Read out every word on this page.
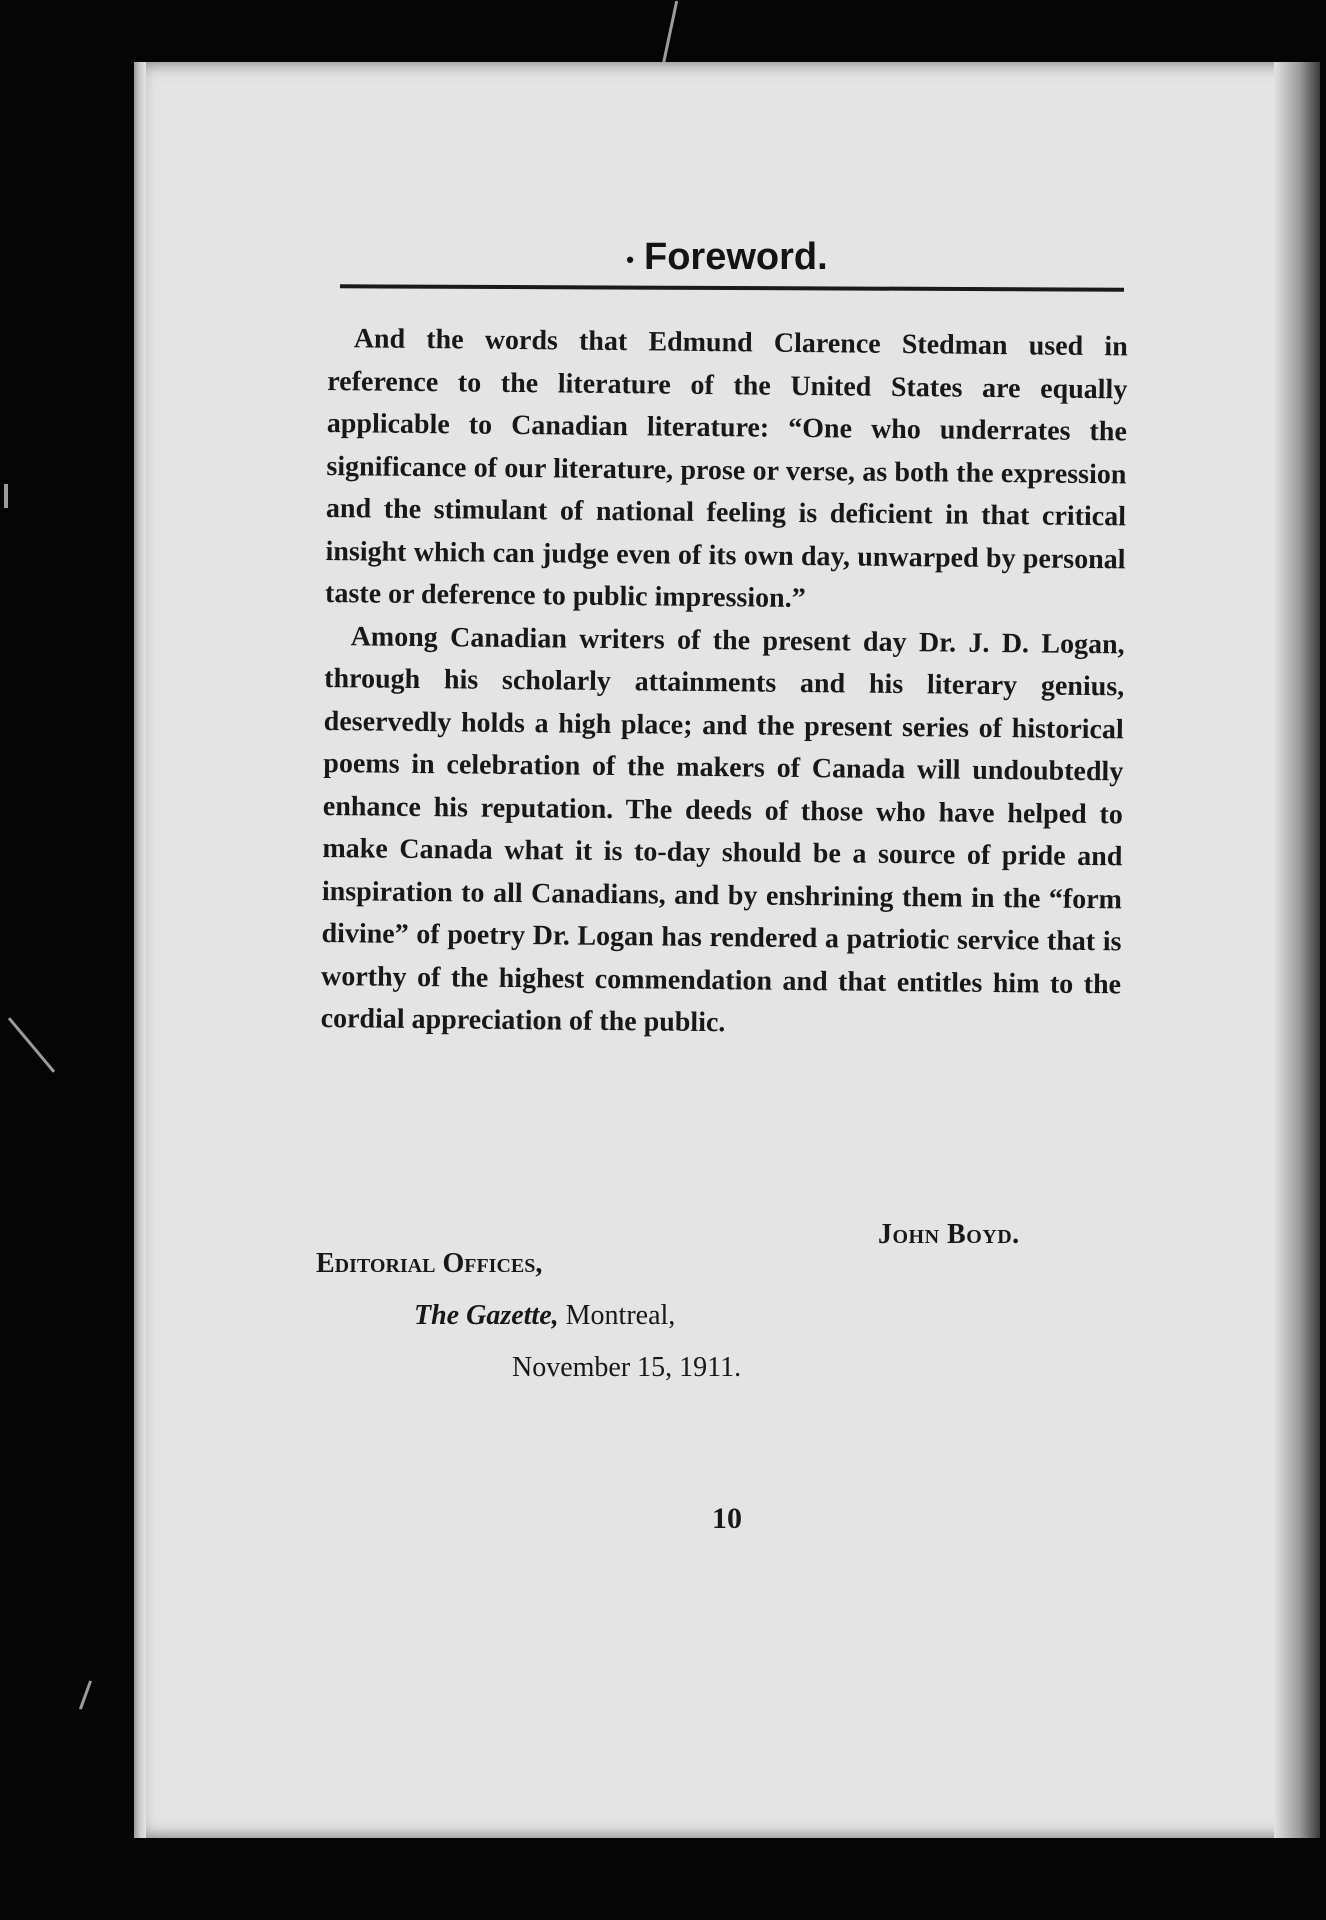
• Foreword.

And the words that Edmund Clarence Stedman used in reference to the literature of the United States are equally applicable to Canadian literature: “One who underrates the significance of our literature, prose or verse, as both the expression and the stimulant of national feeling is deficient in that critical insight which can judge even of its own day, unwarped by personal taste or deference to public impression.”

Among Canadian writers of the present day Dr. J. D. Logan, through his scholarly attainments and his literary genius, deservedly holds a high place; and the present series of historical poems in celebration of the makers of Canada will undoubtedly enhance his reputation. The deeds of those who have helped to make Canada what it is to-day should be a source of pride and inspiration to all Canadians, and by enshrining them in the “form divine” of poetry Dr. Logan has rendered a patriotic service that is worthy of the highest commendation and that entitles him to the cordial appreciation of the public.

John Boyd.
Editorial Offices,
The Gazette, Montreal,
November 15, 1911.
10
